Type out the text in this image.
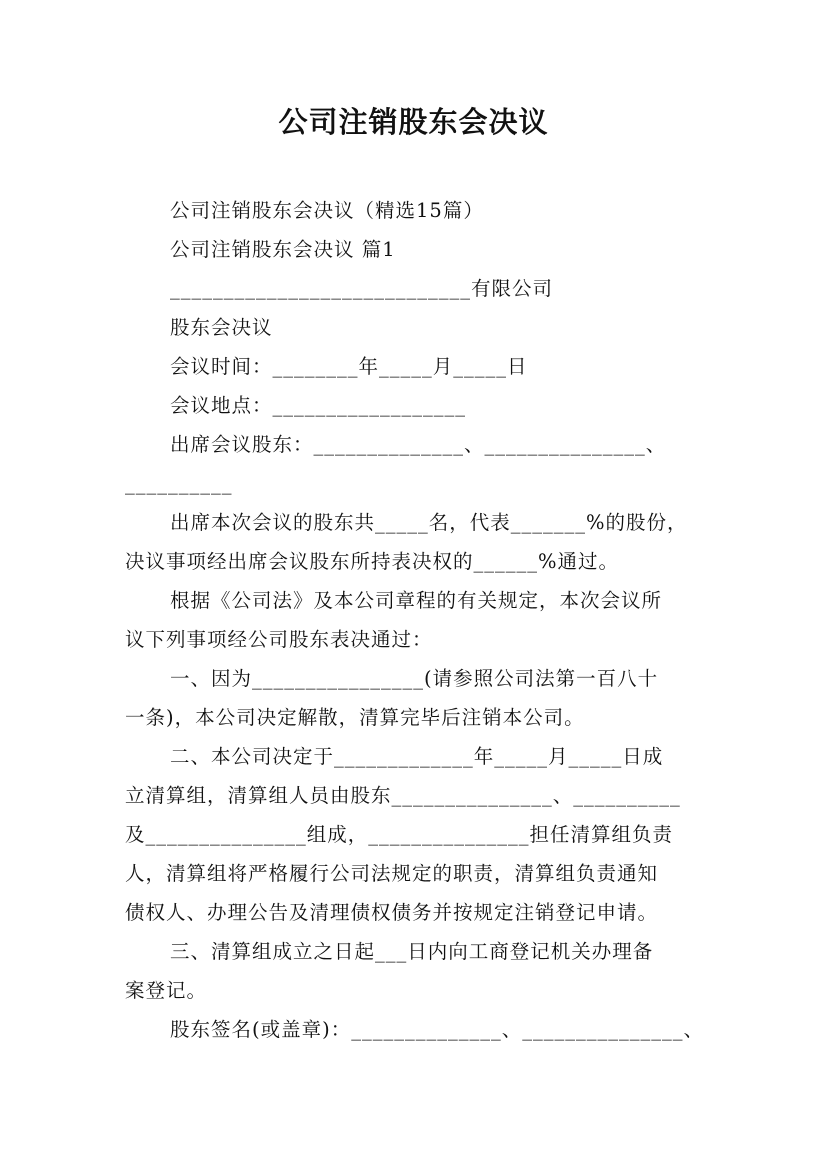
公司注销股东会决议
公司注销股东会决议（精选15篇）
公司注销股东会决议 篇1
____________________________有限公司
股东会决议
会议时间：________年_____月_____日
会议地点：__________________
出席会议股东：______________、_______________、
__________
出席本次会议的股东共_____名，代表_______%的股份，
决议事项经出席会议股东所持表决权的______%通过。
根据《公司法》及本公司章程的有关规定，本次会议所
议下列事项经公司股东表决通过：
一、因为________________(请参照公司法第一百八十
一条)，本公司决定解散，清算完毕后注销本公司。
二、本公司决定于_____________年_____月_____日成
立清算组，清算组人员由股东_______________、__________
及_______________组成，_______________担任清算组负责
人，清算组将严格履行公司法规定的职责，清算组负责通知
债权人、办理公告及清理债权债务并按规定注销登记申请。
三、清算组成立之日起___日内向工商登记机关办理备
案登记。
股东签名(或盖章)：______________、_______________、
